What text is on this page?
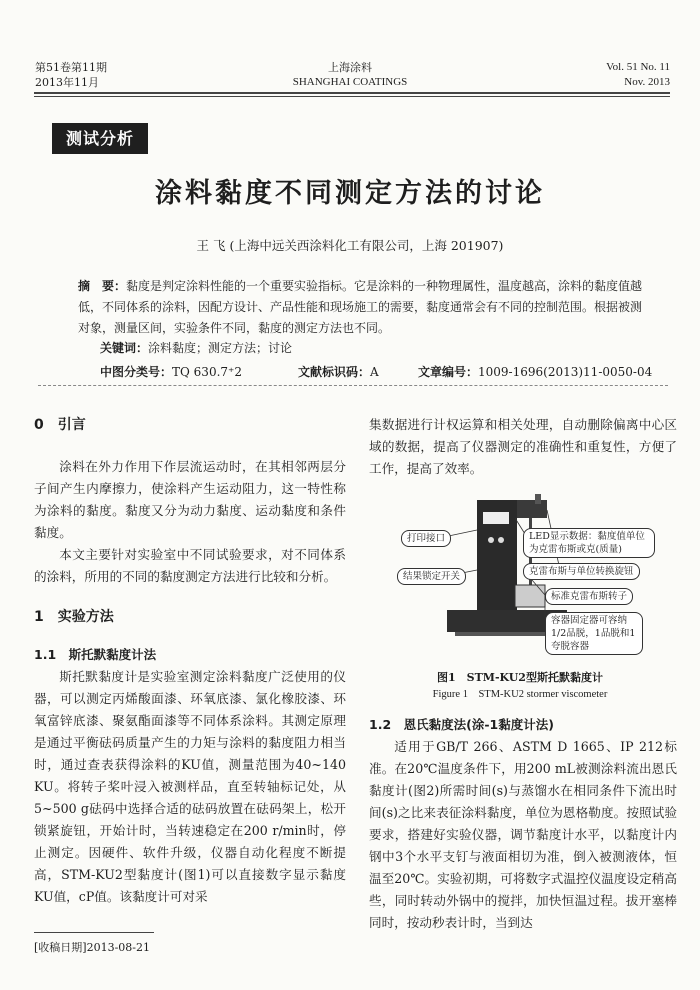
第51卷第11期
2013年11月
上海涂料
SHANGHAI COATINGS
Vol. 51 No. 11
Nov. 2013
测试分析
涂料黏度不同测定方法的讨论
王 飞 (上海中远关西涂料化工有限公司，上海 201907)
摘　要：黏度是判定涂料性能的一个重要实验指标。它是涂料的一种物理属性，温度越高，涂料的黏度值越低，不同体系的涂料，因配方设计、产品性能和现场施工的需要，黏度通常会有不同的控制范围。根据被测对象，测量区间，实验条件不同，黏度的测定方法也不同。
关键词：涂料黏度；测定方法；讨论
中图分类号：TQ 630.7⁺2	文献标识码：A	文章编号：1009-1696(2013)11-0050-04
0　引言

涂料在外力作用下作层流运动时，在其相邻两层分子间产生内摩擦力，使涂料产生运动阻力，这一特性称为涂料的黏度。黏度又分为动力黏度、运动黏度和条件黏度。

本文主要针对实验室中不同试验要求，对不同体系的涂料，所用的不同的黏度测定方法进行比较和分析。

1　实验方法
1.1　斯托默黏度计法

斯托默黏度计是实验室测定涂料黏度广泛使用的仪器，可以测定丙烯酸面漆、环氧底漆、氯化橡胶漆、环氧富锌底漆、聚氨酯面漆等不同体系涂料。其测定原理是通过平衡砝码质量产生的力矩与涂料的黏度阻力相当时，通过查表获得涂料的KU值，测量范围为40~140 KU。将转子桨叶浸入被测样品，直至转轴标记处，从5~500 g砝码中选择合适的砝码放置在砝码架上，松开锁紧旋钮，开始计时，当转速稳定在200 r/min时，停止测定。因硬件、软件升级，仪器自动化程度不断提高，STM-KU2型黏度计(图1)可以直接数字显示黏度KU值，cP值。该黏度计可对采

集数据进行计权运算和相关处理，自动删除偏离中心区域的数据，提高了仪器测定的准确性和重复性，方便了工作，提高了效率。

打印接口
结果锁定开关
LED显示数据：黏度值单位为克雷布斯或克(质量)
克雷布斯与单位转换旋钮
标准克雷布斯转子
容器固定器可容纳1/2品脱，1品脱和1夸脱容器
图1　STM-KU2型斯托默黏度计
Figure 1　STM-KU2 stormer viscometer
1.2　恩氏黏度法(涂-1黏度计法)

适用于GB/T 266、ASTM D 1665、IP 212标准。在20℃温度条件下，用200 mL被测涂料流出恩氏黏度计(图2)所需时间(s)与蒸馏水在相同条件下流出时间(s)之比来表征涂料黏度，单位为恩格勒度。按照试验要求，搭建好实验仪器，调节黏度计水平，以黏度计内钢中3个水平支钉与液面相切为准，倒入被测液体，恒温至20℃。实验初期，可将数字式温控仪温度设定稍高些，同时转动外锅中的搅拌，加快恒温过程。拔开塞棒同时，按动秒表计时，当到达

[收稿日期]2013-08-21
